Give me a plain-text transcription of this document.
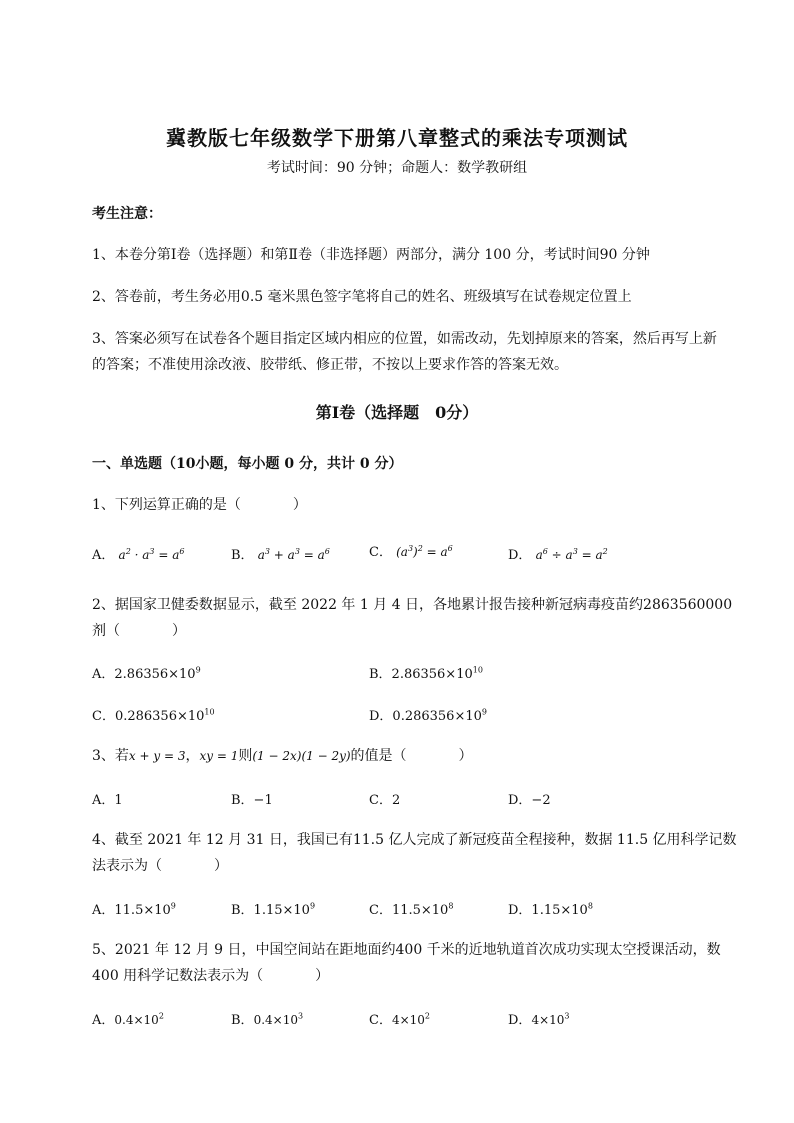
冀教版七年级数学下册第八章整式的乘法专项测试
考试时间：90 分钟；命题人：数学教研组
考生注意：
1、本卷分第Ⅰ卷（选择题）和第Ⅱ卷（非选择题）两部分，满分 100 分，考试时间90 分钟
2、答卷前，考生务必用0.5 毫米黑色签字笔将自己的姓名、班级填写在试卷规定位置上
3、答案必须写在试卷各个题目指定区域内相应的位置，如需改动，先划掉原来的答案，然后再写上新
的答案；不准使用涂改液、胶带纸、修正带，不按以上要求作答的答案无效。
第Ⅰ卷（选择题　0分）
一、单选题（10小题，每小题 0 分，共计 0 分）
1、下列运算正确的是（	）
A． $a^2 \cdot a^3 = a^6$	B． $a^3 + a^3 = a^6$	C． $(a^3)^2 = a^6$	D． $a^6 \div a^3 = a^2$
2、据国家卫健委数据显示，截至 2022 年 1 月 4 日，各地累计报告接种新冠病毒疫苗约2863560000
剂（	）
A．$2.86356\times 10^9$	B．$2.86356\times 10^{10}$
C．$0.286356\times 10^{10}$	D．$0.286356\times 10^9$
3、若x + y = 3，xy = 1则(1 − 2x)(1 − 2y)的值是（	）
A．1	B．−1	C．2	D．−2
4、截至 2021 年 12 月 31 日，我国已有11.5 亿人完成了新冠疫苗全程接种，数据 11.5 亿用科学记数
法表示为（	）
A．$11.5\times 10^9$	B．$1.15\times 10^9$	C．$11.5\times 10^8$	D．$1.15\times 10^8$
5、2021 年 12 月 9 日，中国空间站在距地面约400 千米的近地轨道首次成功实现太空授课活动，数
400 用科学记数法表示为（	）
A．$0.4\times 10^2$	B．$0.4\times 10^3$	C．$4\times 10^2$	D．$4\times 10^3$
